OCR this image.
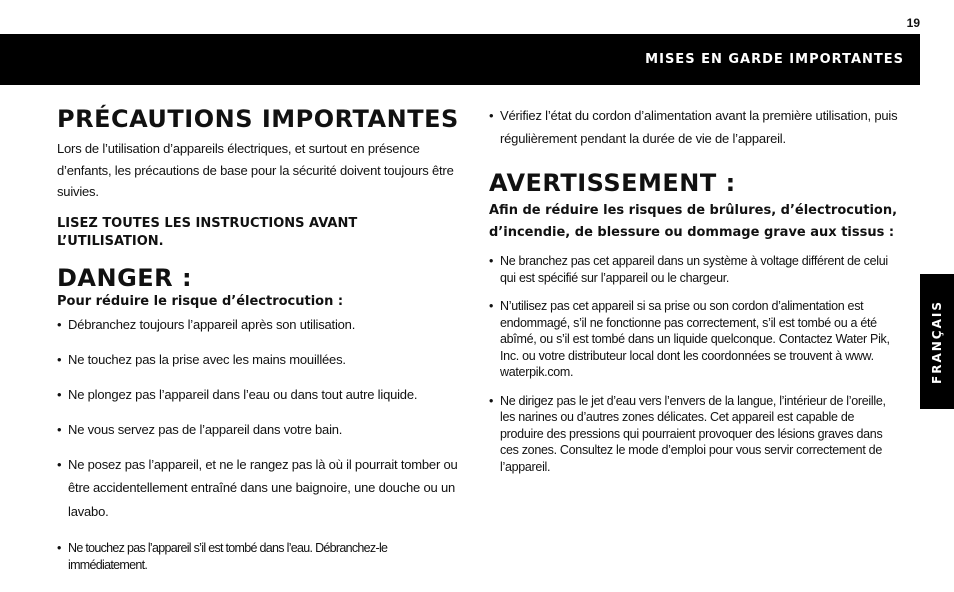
19
MISES EN GARDE IMPORTANTES
FRANÇAIS
PRÉCAUTIONS IMPORTANTES

Lors de l’utilisation d’appareils électriques, et surtout en présence d’enfants, les précautions de base pour la sécurité doivent toujours être suivies.

LISEZ TOUTES LES INSTRUCTIONS AVANT L’UTILISATION.

DANGER :

Pour réduire le risque d’électrocution :

• Débranchez toujours l’appareil après son utilisation.
• Ne touchez pas la prise avec les mains mouillées.
• Ne plongez pas l’appareil dans l’eau ou dans tout autre liquide.
• Ne vous servez pas de l’appareil dans votre bain.
• Ne posez pas l’appareil, et ne le rangez pas là où il pourrait tomber ou être accidentellement entraîné dans une baignoire, une douche ou un lavabo.
• Ne touchez pas l’appareil s’il est tombé dans l’eau. Débranchez-le immédiatement.
• Vérifiez l’état du cordon d’alimentation avant la première utilisation, puis régulièrement pendant la durée de vie de l’appareil.
AVERTISSEMENT :

Afin de réduire les risques de brûlures, d’électrocution, d’incendie, de blessure ou dommage grave aux tissus :

• Ne branchez pas cet appareil dans un système à voltage différent de celui qui est spécifié sur l’appareil ou le chargeur.
• N’utilisez pas cet appareil si sa prise ou son cordon d’alimentation est endommagé, s’il ne fonctionne pas correctement, s’il est tombé ou a été abîmé, ou s’il est tombé dans un liquide quelconque. Contactez Water Pik, Inc. ou votre distributeur local dont les coordonnées se trouvent à www. waterpik.com.
• Ne dirigez pas le jet d’eau vers l’envers de la langue, l’intérieur de l’oreille, les narines ou d’autres zones délicates. Cet appareil est capable de produire des pressions qui pourraient provoquer des lésions graves dans ces zones. Consultez le mode d’emploi pour vous servir correctement de l’appareil.
